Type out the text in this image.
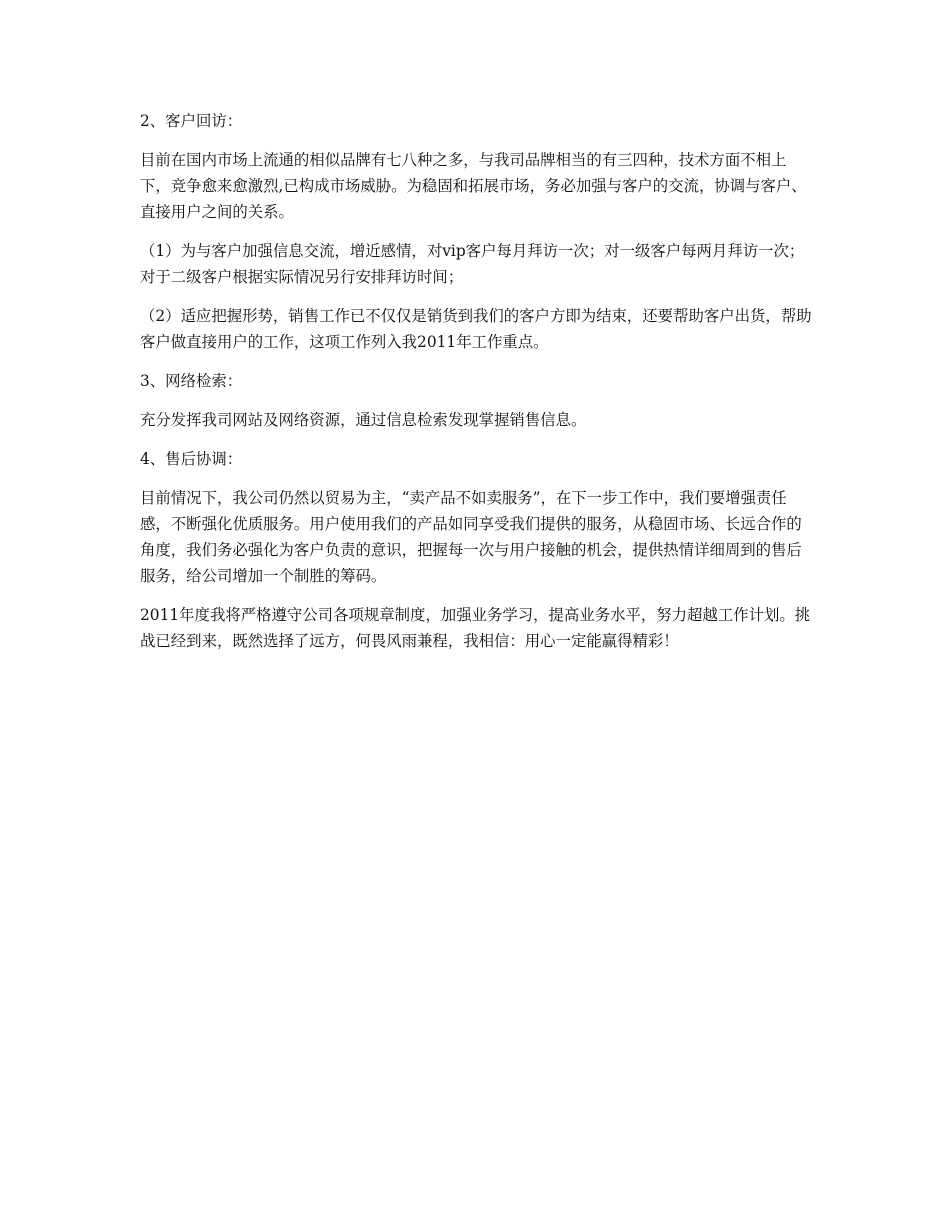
2、客户回访：

目前在国内市场上流通的相似品牌有七八种之多，与我司品牌相当的有三四种，技术方面不相上下，竞争愈来愈激烈,已构成市场威胁。为稳固和拓展市场，务必加强与客户的交流，协调与客户、直接用户之间的关系。

（1）为与客户加强信息交流，增近感情，对vip客户每月拜访一次；对一级客户每两月拜访一次；对于二级客户根据实际情况另行安排拜访时间；

（2）适应把握形势，销售工作已不仅仅是销货到我们的客户方即为结束，还要帮助客户出货，帮助客户做直接用户的工作，这项工作列入我2011年工作重点。

3、网络检索：

充分发挥我司网站及网络资源，通过信息检索发现掌握销售信息。

4、售后协调：

目前情况下，我公司仍然以贸易为主，“卖产品不如卖服务”，在下一步工作中，我们要增强责任感，不断强化优质服务。用户使用我们的产品如同享受我们提供的服务，从稳固市场、长远合作的角度，我们务必强化为客户负责的意识，把握每一次与用户接触的机会，提供热情详细周到的售后服务，给公司增加一个制胜的筹码。

2011年度我将严格遵守公司各项规章制度，加强业务学习，提高业务水平，努力超越工作计划。挑战已经到来，既然选择了远方，何畏风雨兼程，我相信：用心一定能赢得精彩！
